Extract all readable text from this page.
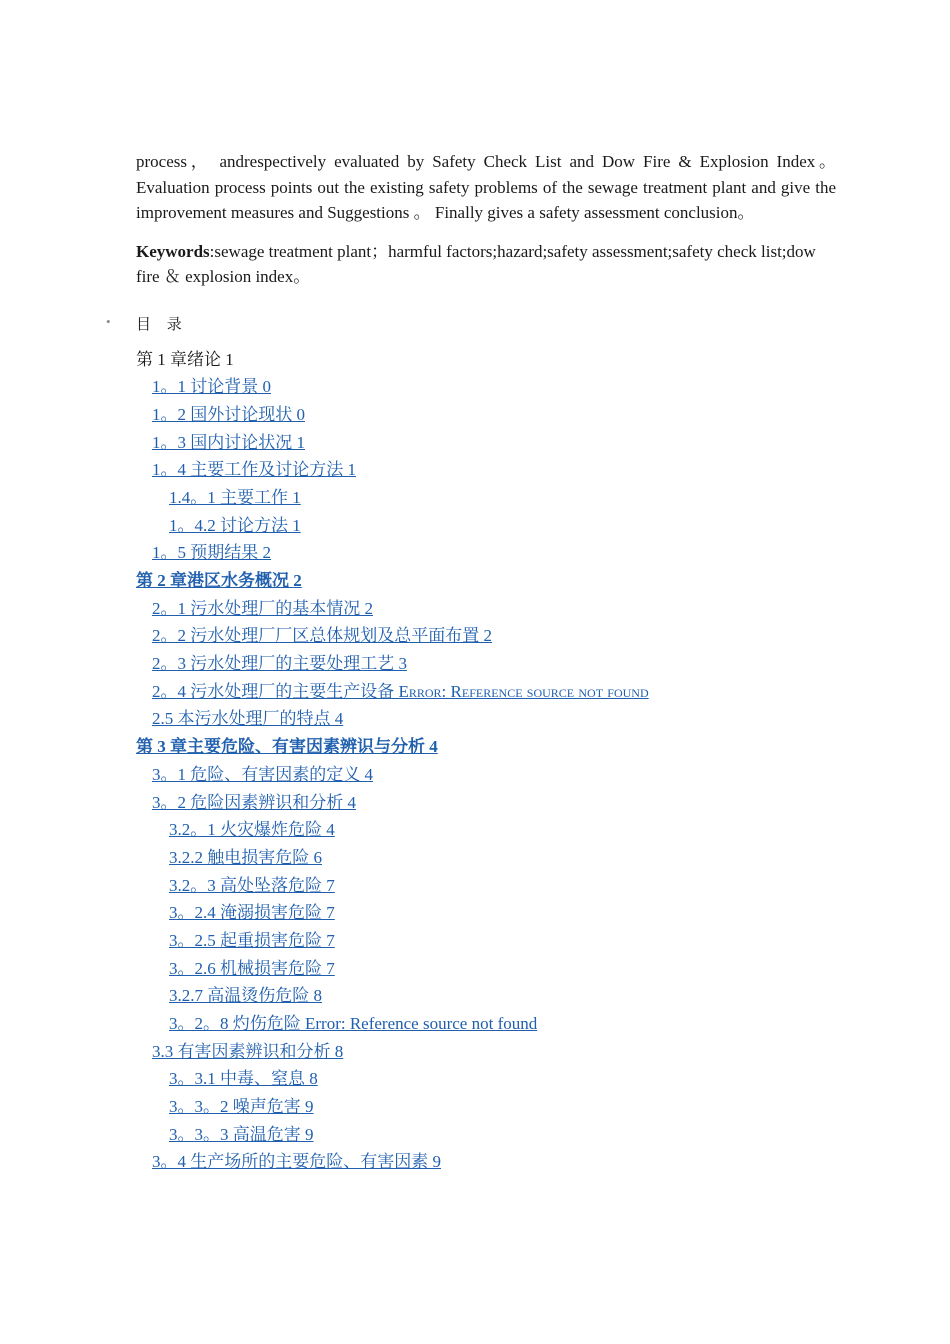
process， andrespectively evaluated by Safety Check List and Dow Fire & Explosion Index。 Evaluation process points out the existing safety problems of the sewage treatment plant and give the improvement measures and Suggestions 。 Finally gives a safety assessment conclusion。

Keywords:sewage treatment plant；harmful factors;hazard;safety assessment;safety check list;dow fire ＆ explosion index。

• 目 录
第 1 章绪论 1
1。1 讨论背景 0
1。2 国外讨论现状 0
1。3 国内讨论状况 1
1。4 主要工作及讨论方法 1
1.4。1 主要工作 1
1。4.2 讨论方法 1
1。5 预期结果 2
第 2 章港区水务概况 2
2。1 污水处理厂的基本情况 2
2。2 污水处理厂厂区总体规划及总平面布置 2
2。3 污水处理厂的主要处理工艺 3
2。4 污水处理厂的主要生产设备 Error: Reference source not found
2.5 本污水处理厂的特点 4
第 3 章主要危险、有害因素辨识与分析 4
3。1 危险、有害因素的定义 4
3。2 危险因素辨识和分析 4
3.2。1 火灾爆炸危险 4
3.2.2 触电损害危险 6
3.2。3 高处坠落危险 7
3。2.4 淹溺损害危险 7
3。2.5 起重损害危险 7
3。2.6 机械损害危险 7
3.2.7 高温烫伤危险 8
3。2。8 灼伤危险 Error: Reference source not found
3.3 有害因素辨识和分析 8
3。3.1 中毒、窒息 8
3。3。2 噪声危害 9
3。3。3 高温危害 9
3。4 生产场所的主要危险、有害因素 9
